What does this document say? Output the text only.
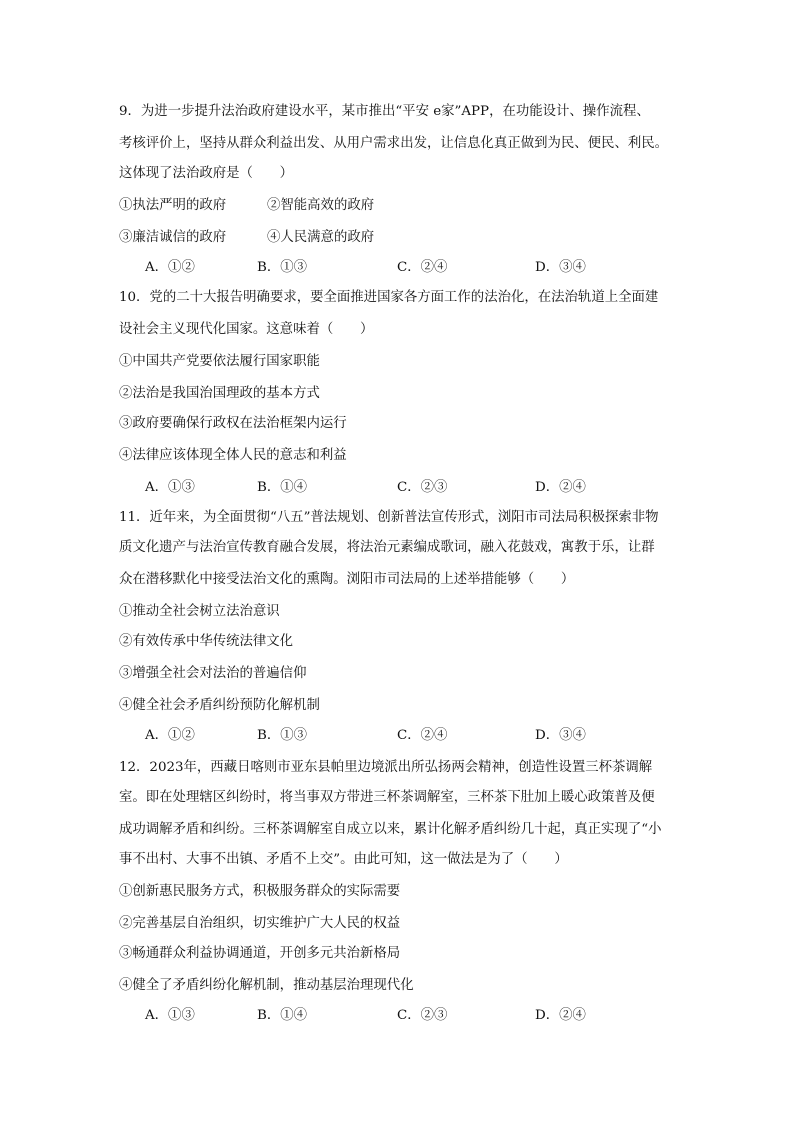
9．为进一步提升法治政府建设水平，某市推出“平安 e家”APP，在功能设计、操作流程、
考核评价上，坚持从群众利益出发、从用户需求出发，让信息化真正做到为民、便民、利民。
这体现了法治政府是（　　）
①执法严明的政府	②智能高效的政府
③廉洁诚信的政府	④人民满意的政府
A．①②	B．①③	C．②④	D．③④
10．党的二十大报告明确要求，要全面推进国家各方面工作的法治化，在法治轨道上全面建
设社会主义现代化国家。这意味着（　　）
①中国共产党要依法履行国家职能
②法治是我国治国理政的基本方式
③政府要确保行政权在法治框架内运行
④法律应该体现全体人民的意志和利益
A．①③	B．①④	C．②③	D．②④
11．近年来，为全面贯彻“八五”普法规划、创新普法宣传形式，浏阳市司法局积极探索非物
质文化遗产与法治宣传教育融合发展，将法治元素编成歌词，融入花鼓戏，寓教于乐，让群
众在潜移默化中接受法治文化的熏陶。浏阳市司法局的上述举措能够（　　）
①推动全社会树立法治意识
②有效传承中华传统法律文化
③增强全社会对法治的普遍信仰
④健全社会矛盾纠纷预防化解机制
A．①②	B．①③	C．②④	D．③④
12．2023年，西藏日喀则市亚东县帕里边境派出所弘扬两会精神，创造性设置三杯茶调解
室。即在处理辖区纠纷时，将当事双方带进三杯茶调解室，三杯茶下肚加上暖心政策普及便
成功调解矛盾和纠纷。三杯茶调解室自成立以来，累计化解矛盾纠纷几十起，真正实现了“小
事不出村、大事不出镇、矛盾不上交”。由此可知，这一做法是为了（　　）
①创新惠民服务方式，积极服务群众的实际需要
②完善基层自治组织，切实维护广大人民的权益
③畅通群众利益协调通道，开创多元共治新格局
④健全了矛盾纠纷化解机制，推动基层治理现代化
A．①③	B．①④	C．②③	D．②④
